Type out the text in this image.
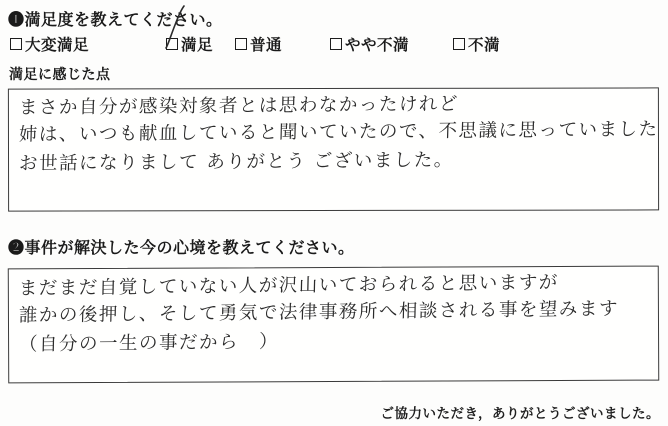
❶満足度を教えてください。
大変満足	満足 普通	やや不満	不満
満足に感じた点
まさか自分が感染対象者とは思わなかったけれど
姉は、いつも献血していると聞いていたので、不思議に思っていました
お世話になりまして ありがとう ございました。
❷事件が解決した今の心境を教えてください。
まだまだ自覚していない人が沢山いておられると思いますが
誰かの後押し、そして勇気で法律事務所へ相談される事を望みます
（自分の一生の事だから　）
ご協力いただき，ありがとうございました。
